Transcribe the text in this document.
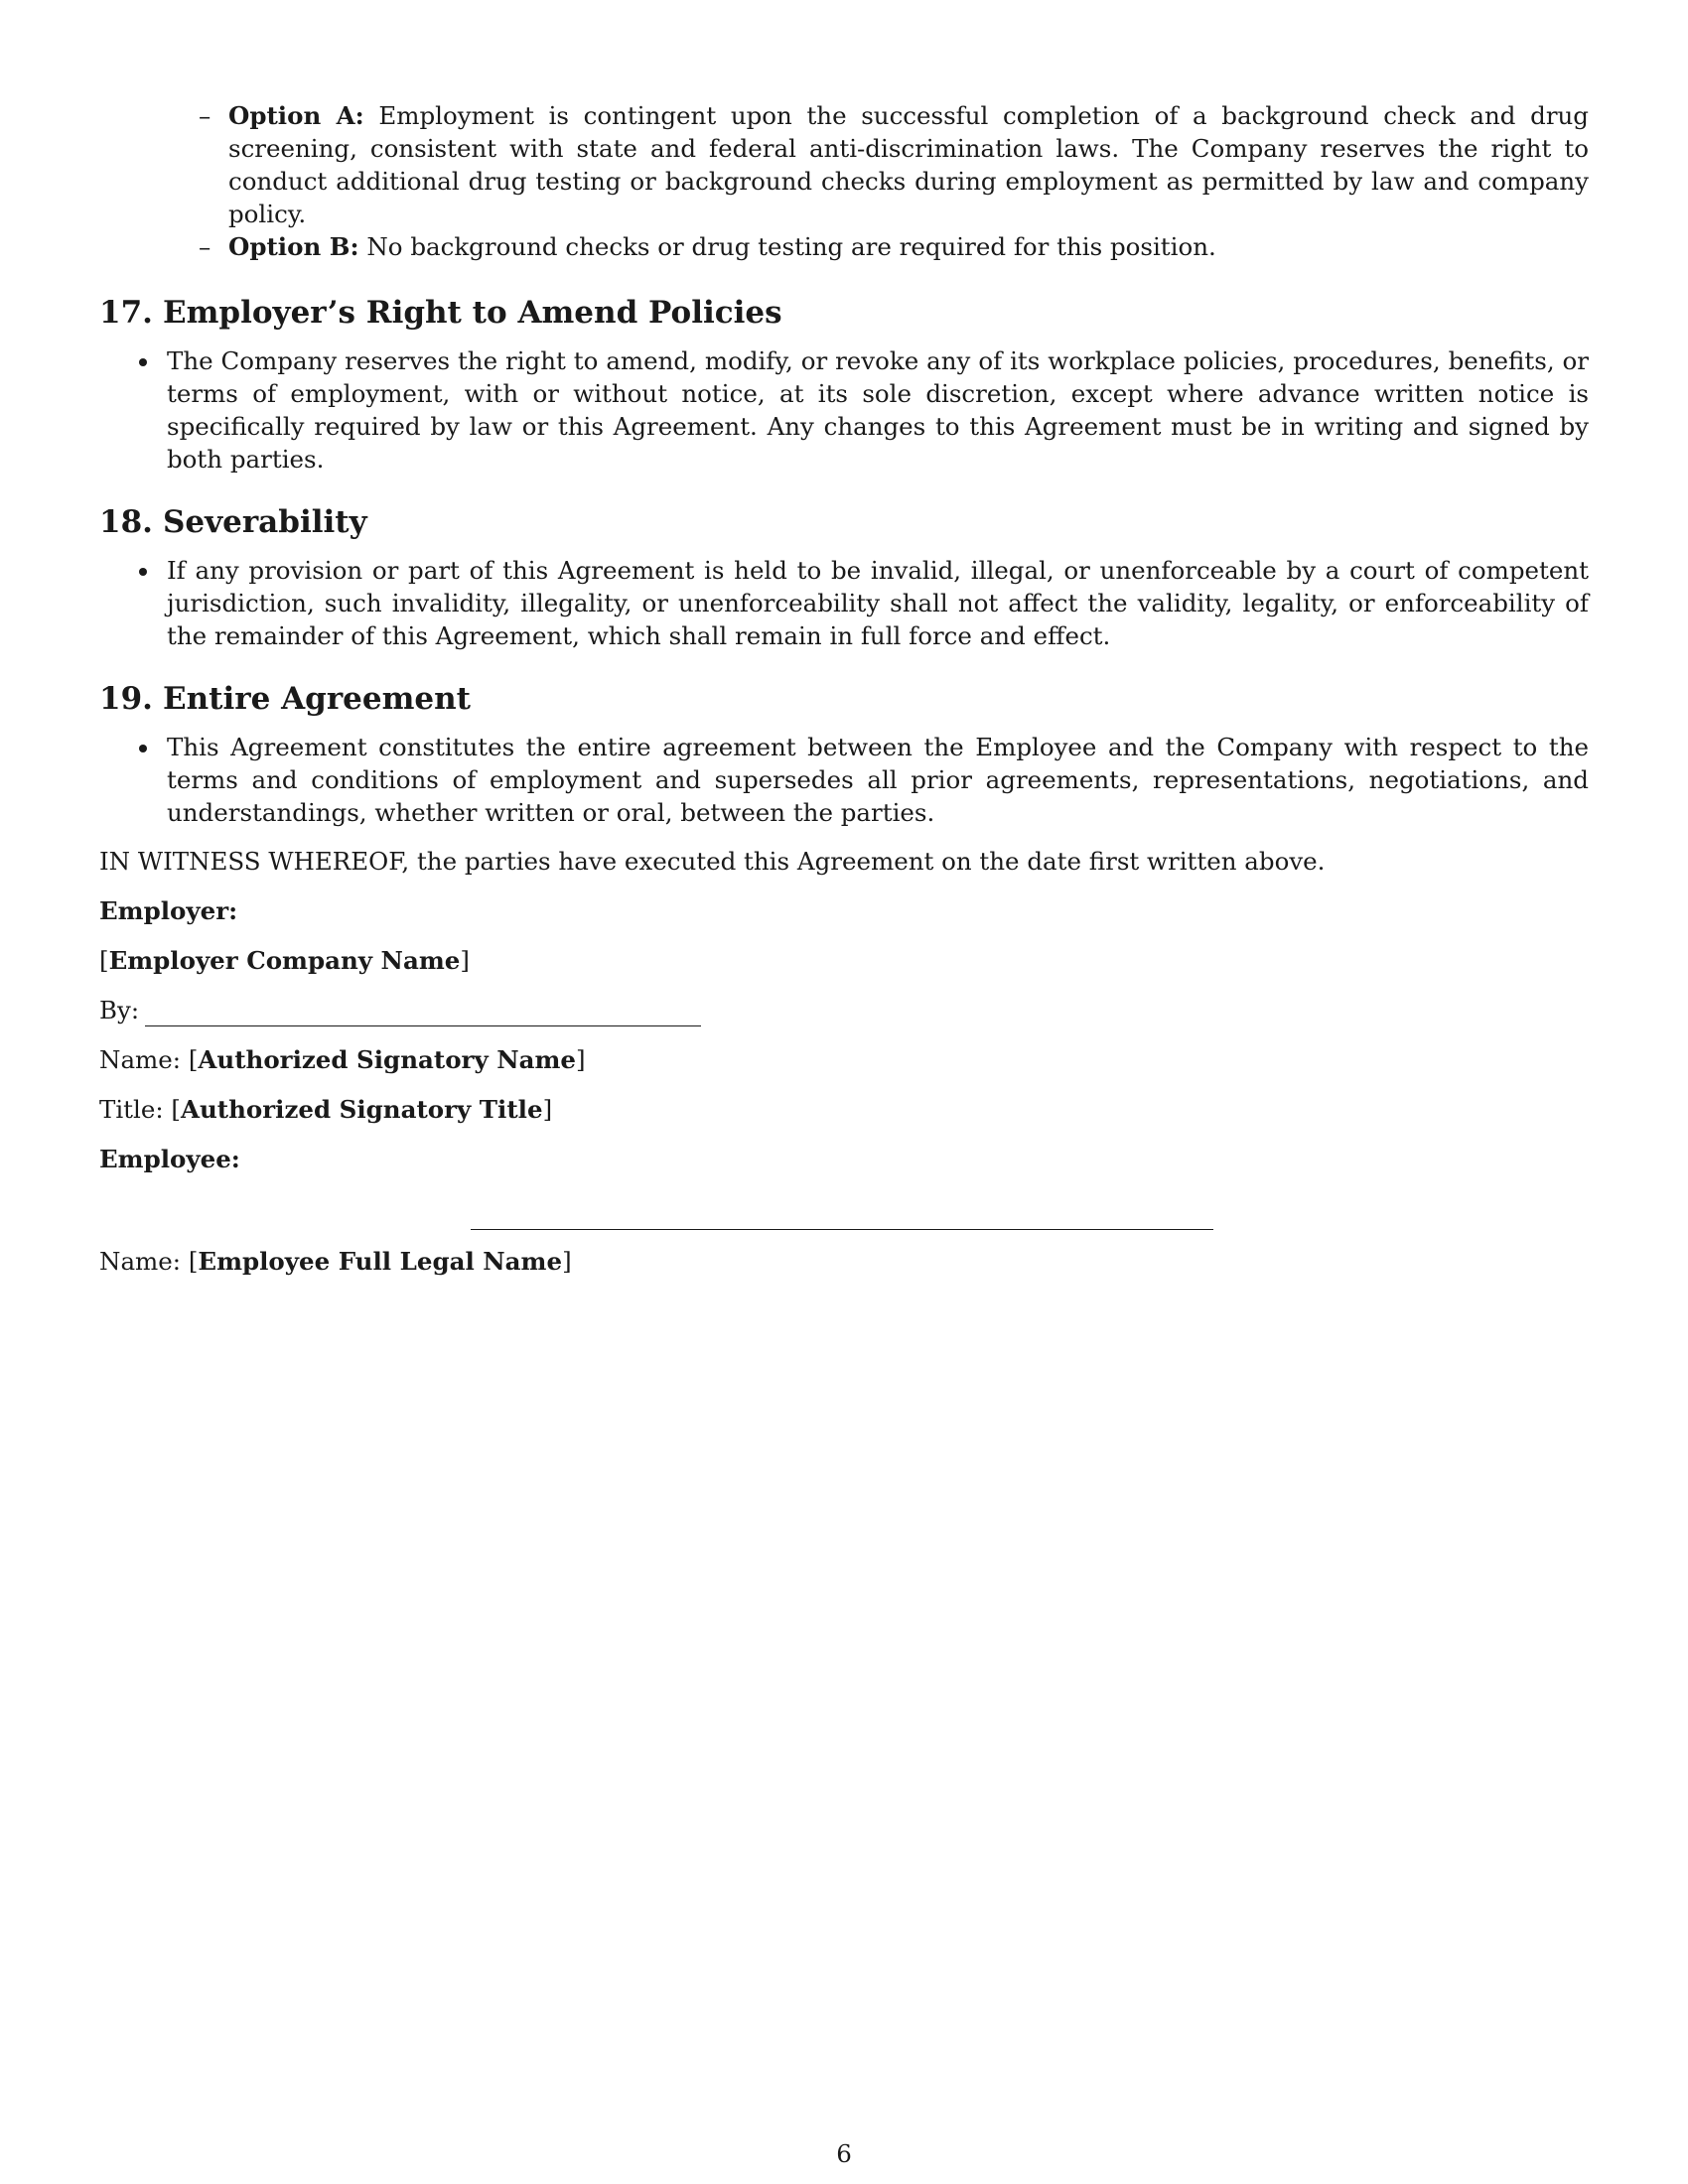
– Option A: Employment is contingent upon the successful completion of a background check and drug screening, consistent with state and federal anti-discrimination laws. The Company reserves the right to conduct additional drug testing or background checks during employment as permitted by law and company policy.
– Option B: No background checks or drug testing are required for this position.
17. Employer’s Right to Amend Policies
The Company reserves the right to amend, modify, or revoke any of its workplace policies, procedures, benefits, or terms of employment, with or without notice, at its sole discretion, except where advance written notice is specifically required by law or this Agreement. Any changes to this Agreement must be in writing and signed by both parties.
18. Severability
If any provision or part of this Agreement is held to be invalid, illegal, or unenforceable by a court of competent jurisdiction, such invalidity, illegality, or unenforceability shall not affect the validity, legality, or enforceability of the remainder of this Agreement, which shall remain in full force and effect.
19. Entire Agreement
This Agreement constitutes the entire agreement between the Employee and the Company with respect to the terms and conditions of employment and supersedes all prior agreements, representations, negotiations, and understandings, whether written or oral, between the parties.
IN WITNESS WHEREOF, the parties have executed this Agreement on the date first written above.
Employer:
[Employer Company Name]
By:
Name: [Authorized Signatory Name]
Title: [Authorized Signatory Title]
Employee:
Name: [Employee Full Legal Name]
6
